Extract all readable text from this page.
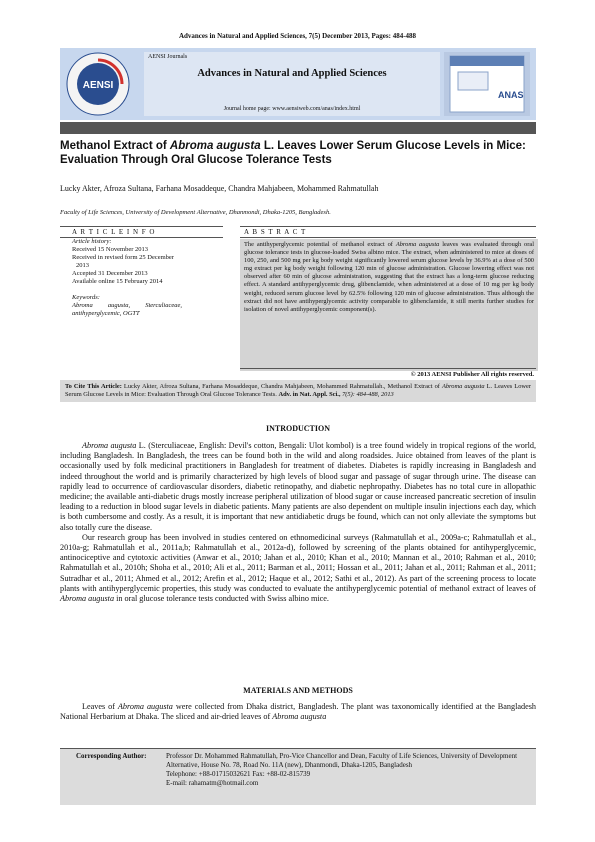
Advances in Natural and Applied Sciences, 7(5) December 2013, Pages: 484-488
AENSI
AENSI Journals
Advances in Natural and Applied Sciences
Journal home page: www.aensiweb.com/anas/index.html
ANAS
Methanol Extract of Abroma augusta L. Leaves Lower Serum Glucose Levels in Mice: Evaluation Through Oral Glucose Tolerance Tests
Lucky Akter, Afroza Sultana, Farhana Mosaddeque, Chandra Mahjabeen, Mohammed Rahmatullah
Faculty of Life Sciences, University of Development Alternative, Dhanmondi, Dhaka-1205, Bangladesh.
A R T I C L E I N F O	A B S T R A C T
Article history:
Received 15 November 2013
Received in revised form 25 December
2013
Accepted 31 December 2013
Available online 15 February 2014
Keywords:
Abroma augusta, Sterculiaceae, antihyperglycemic, OGTT
The antihyperglycemic potential of methanol extract of Abroma augusta leaves was evaluated through oral glucose tolerance tests in glucose-loaded Swiss albino mice. The extract, when administered to mice at doses of 100, 250, and 500 mg per kg body weight significantly lowered serum glucose levels by 36.9% at a dose of 500 mg extract per kg body weight following 120 min of glucose administration. Glucose lowering effect was not observed after 60 min of glucose administration, suggesting that the extract has a long-term glucose reducing effect. A standard antihyperglycemic drug, glibenclamide, when administered at a dose of 10 mg per kg body weight, reduced serum glucose level by 62.5% following 120 min of glucose administration. Thus although the extract did not have antihyperglycemic activity comparable to glibenclamide, it still merits further studies for isolation of novel antihyperglycemic component(s).
© 2013 AENSI Publisher All rights reserved.
To Cite This Article: Lucky Akter, Afroza Sultana, Farhana Mosaddeque, Chandra Mahjabeen, Mohammed Rahmatullah., Methanol Extract of Abroma augusta L. Leaves Lower Serum Glucose Levels in Mice: Evaluation Through Oral Glucose Tolerance Tests. Adv. in Nat. Appl. Sci., 7(5): 484-488, 2013
INTRODUCTION

Abroma augusta L. (Sterculiaceae, English: Devil's cotton, Bengali: Ulot kombol) is a tree found widely in tropical regions of the world, including Bangladesh. In Bangladesh, the trees can be found both in the wild and along roadsides. Juice obtained from leaves of the plant is occasionally used by folk medicinal practitioners in Bangladesh for treatment of diabetes. Diabetes is rapidly increasing in Bangladesh and indeed throughout the world and is primarily characterized by high levels of blood sugar and passage of sugar through urine. The disease can rapidly lead to occurrence of cardiovascular disorders, diabetic retinopathy, and diabetic nephropathy. Diabetes has no total cure in allopathic medicine; the available anti-diabetic drugs mostly increase peripheral utilization of blood sugar or cause increased pancreatic secretion of insulin leading to a reduction in blood sugar levels in diabetic patients. Many patients are also dependent on multiple insulin injections each day, which is both cumbersome and costly. As a result, it is important that new antidiabetic drugs be found, which can not only alleviate the symptoms but also totally cure the disease.

Our research group has been involved in studies centered on ethnomedicinal surveys (Rahmatullah et al., 2009a-c; Rahmatullah et al., 2010a-g; Rahmatullah et al., 2011a,b; Rahmatullah et al., 2012a-d), followed by screening of the plants obtained for antihyperglycemic, antinociceptive and cytotoxic activities (Anwar et al., 2010; Jahan et al., 2010; Khan et al., 2010; Mannan et al., 2010; Rahman et al., 2010; Rahmatullah et al., 2010h; Shoha et al., 2010; Ali et al., 2011; Barman et al., 2011; Hossan et al., 2011; Jahan et al., 2011; Rahman et al., 2011; Sutradhar et al., 2011; Ahmed et al., 2012; Arefin et al., 2012; Haque et al., 2012; Sathi et al., 2012). As part of the screening process to locate plants with antihyperglycemic properties, this study was conducted to evaluate the antihyperglycemic potential of methanol extract of leaves of Abroma augusta in oral glucose tolerance tests conducted with Swiss albino mice.

MATERIALS AND METHODS

Leaves of Abroma augusta were collected from Dhaka district, Bangladesh. The plant was taxonomically identified at the Bangladesh National Herbarium at Dhaka. The sliced and air-dried leaves of Abroma augusta

Corresponding Author:	Professor Dr. Mohammed Rahmatullah, Pro-Vice Chancellor and Dean, Faculty of Life Sciences, University of Development Alternative, House No. 78, Road No. 11A (new), Dhanmondi, Dhaka-1205, Bangladesh
Telephone: +88-01715032621 Fax: +88-02-815739
E-mail: rahamatm@hotmail.com
